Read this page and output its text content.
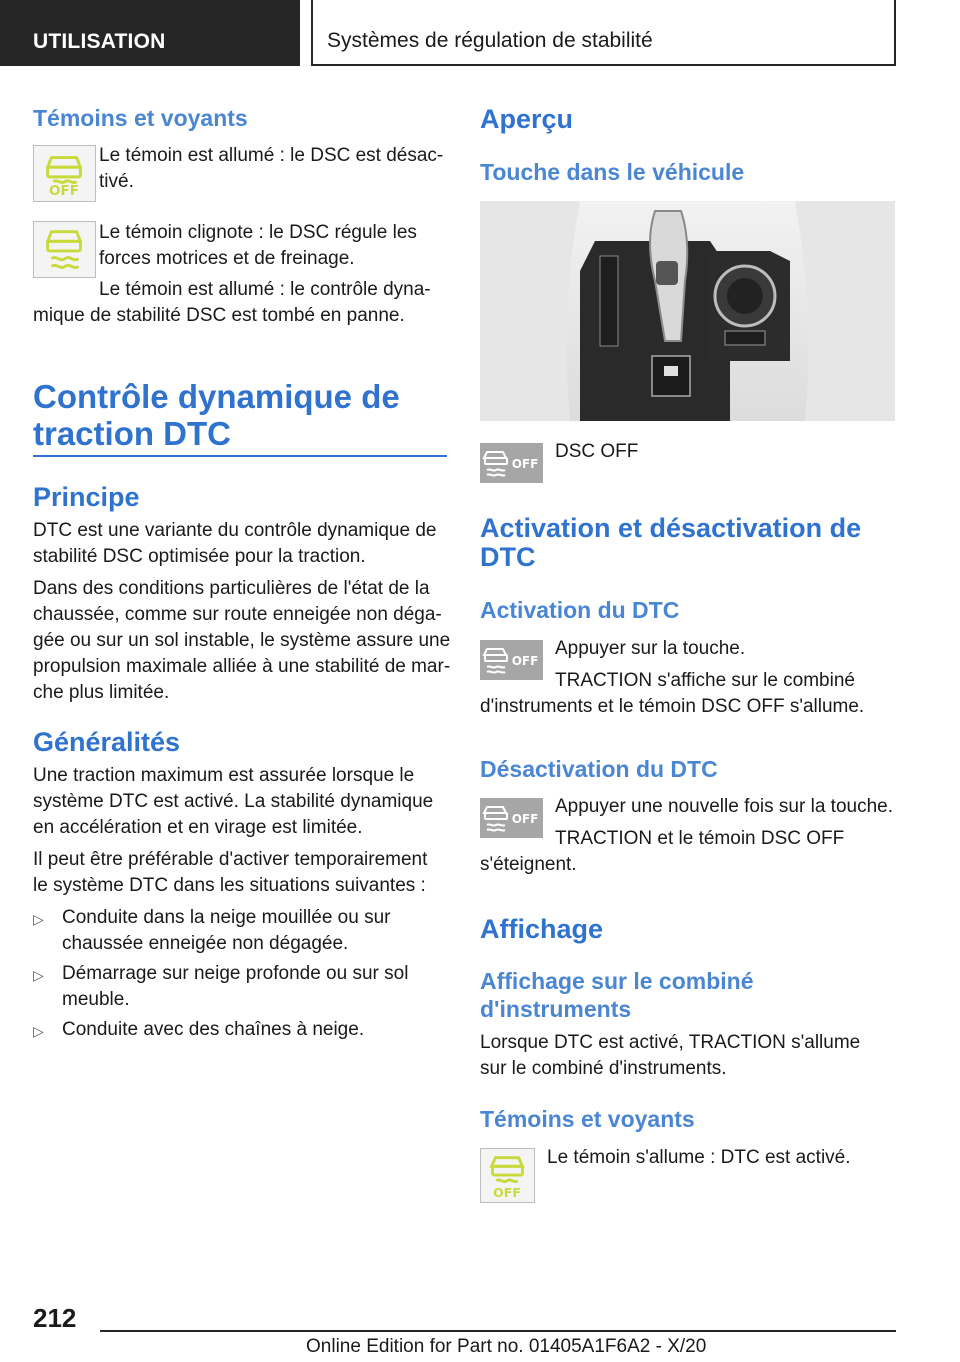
UTILISATION	Systèmes de régulation de stabilité
Témoins et voyants
OFF
Le témoin est allumé : le DSC est désac-
tivé.
Le témoin clignote : le DSC régule les
forces motrices et de freinage.
Le témoin est allumé : le contrôle dyna-
mique de stabilité DSC est tombé en panne.
Contrôle dynamique de
traction DTC
Principe
DTC est une variante du contrôle dynamique de
stabilité DSC optimisée pour la traction.
Dans des conditions particulières de l'état de la
chaussée, comme sur route enneigée non déga-
gée ou sur un sol instable, le système assure une
propulsion maximale alliée à une stabilité de mar-
che plus limitée.
Généralités
Une traction maximum est assurée lorsque le
système DTC est activé. La stabilité dynamique
en accélération et en virage est limitée.
Il peut être préférable d'activer temporairement
le système DTC dans les situations suivantes :
▷ Conduite dans la neige mouillée ou sur
chaussée enneigée non dégagée.
▷ Démarrage sur neige profonde ou sur sol
meuble.
▷ Conduite avec des chaînes à neige.
Aperçu
Touche dans le véhicule
OFF
DSC OFF
Activation et désactivation de
DTC
Activation du DTC
OFF
Appuyer sur la touche.
TRACTION s'affiche sur le combiné
d'instruments et le témoin DSC OFF s'allume.
Désactivation du DTC
OFF
Appuyer une nouvelle fois sur la touche.
TRACTION et le témoin DSC OFF
s'éteignent.
Affichage
Affichage sur le combiné
d'instruments
Lorsque DTC est activé, TRACTION s'allume
sur le combiné d'instruments.
Témoins et voyants
OFF
Le témoin s'allume : DTC est activé.
212
Online Edition for Part no. 01405A1F6A2 - X/20
